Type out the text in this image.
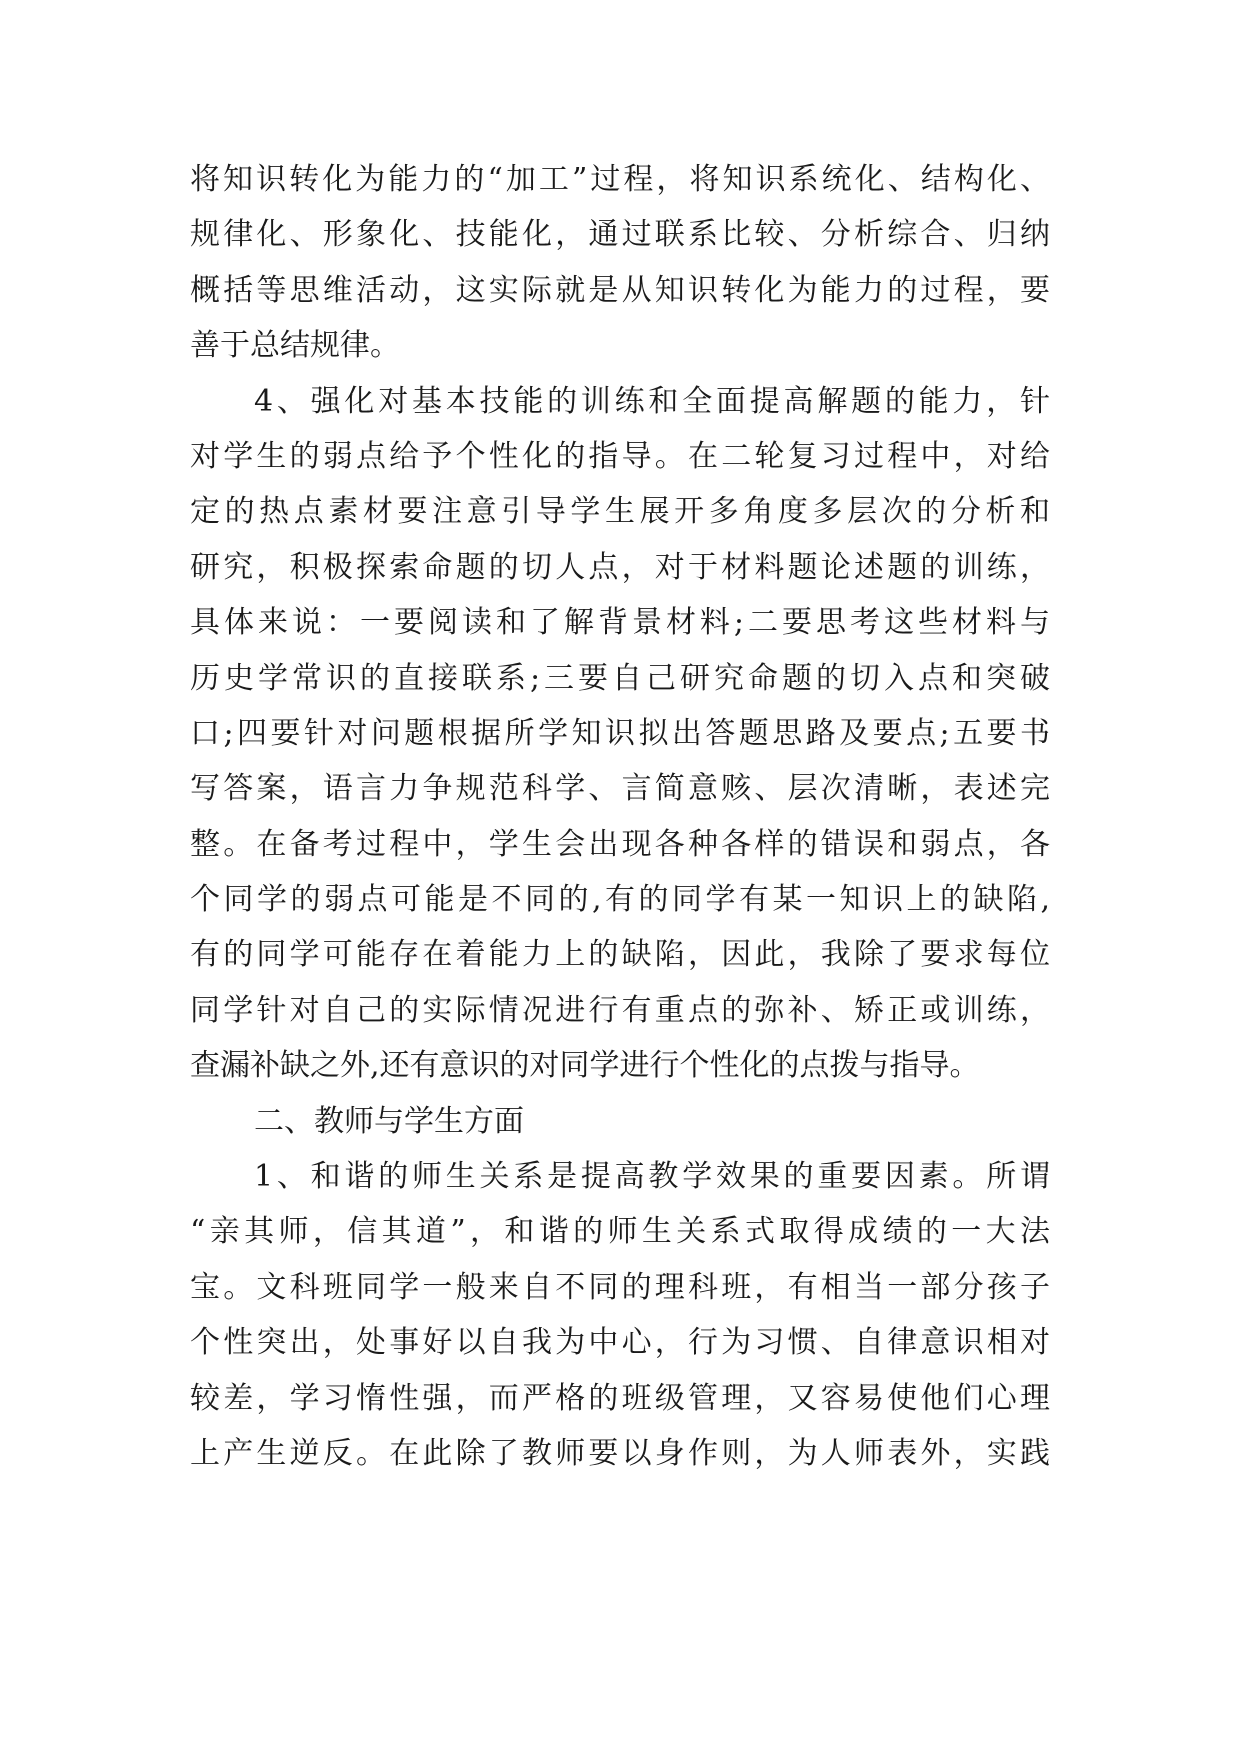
将知识转化为能力的“加工”过程，将知识系统化、结构化、
规律化、形象化、技能化，通过联系比较、分析综合、归纳
概括等思维活动，这实际就是从知识转化为能力的过程，要
善于总结规律。
4、强化对基本技能的训练和全面提高解题的能力，针
对学生的弱点给予个性化的指导。在二轮复习过程中，对给
定的热点素材要注意引导学生展开多角度多层次的分析和
研究，积极探索命题的切人点，对于材料题论述题的训练，
具体来说：一要阅读和了解背景材料;二要思考这些材料与
历史学常识的直接联系;三要自己研究命题的切入点和突破
口;四要针对问题根据所学知识拟出答题思路及要点;五要书
写答案，语言力争规范科学、言简意赅、层次清晰，表述完
整。在备考过程中，学生会出现各种各样的错误和弱点，各
个同学的弱点可能是不同的,有的同学有某一知识上的缺陷,
有的同学可能存在着能力上的缺陷，因此，我除了要求每位
同学针对自己的实际情况进行有重点的弥补、矫正或训练，
查漏补缺之外,还有意识的对同学进行个性化的点拨与指导。
二、教师与学生方面
1、和谐的师生关系是提高教学效果的重要因素。所谓
“亲其师，信其道”，和谐的师生关系式取得成绩的一大法
宝。文科班同学一般来自不同的理科班，有相当一部分孩子
个性突出，处事好以自我为中心，行为习惯、自律意识相对
较差，学习惰性强，而严格的班级管理，又容易使他们心理
上产生逆反。在此除了教师要以身作则，为人师表外，实践
